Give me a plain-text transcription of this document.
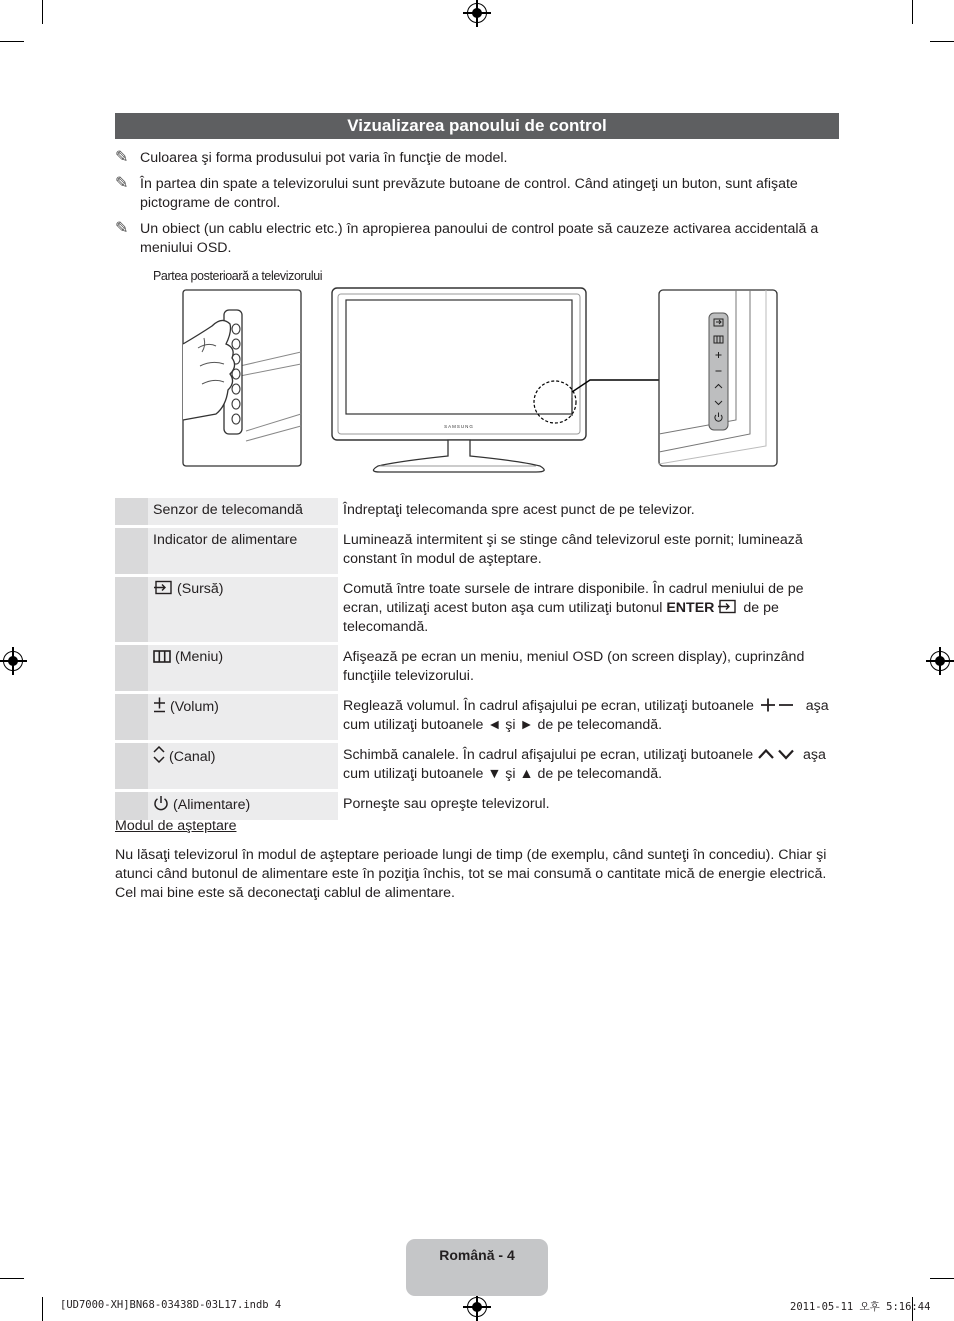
Vizualizarea panoului de control
✎ Culoarea şi forma produsului pot varia în funcţie de model.
✎ În partea din spate a televizorului sunt prevăzute butoane de control. Când atingeţi un buton, sunt afişate pictograme de control.
✎ Un obiect (un cablu electric etc.) în apropierea panoului de control poate să cauzeze activarea accidentală a meniului OSD.
Partea posterioară a televizorului
SAMSUNG
	Senzor de telecomandă	Îndreptaţi telecomanda spre acest punct de pe televizor.
	Indicator de alimentare	Luminează intermitent şi se stinge când televizorul este pornit; luminează constant în modul de aşteptare.
	(Sursă)	Comută între toate sursele de intrare disponibile. În cadrul meniului de pe ecran, utilizaţi acest buton aşa cum utilizaţi butonul ENTER de pe telecomandă.
	(Meniu)	Afişează pe ecran un meniu, meniul OSD (on screen display), cuprinzând funcţiile televizorului.
	(Volum)	Reglează volumul. În cadrul afişajului pe ecran, utilizaţi butoanele aşa cum utilizaţi butoanele ◄ şi ► de pe telecomandă.
	(Canal)	Schimbă canalele. În cadrul afişajului pe ecran, utilizaţi butoanele aşa cum utilizaţi butoanele ▼ şi ▲ de pe telecomandă.
	(Alimentare)	Porneşte sau opreşte televizorul.
Modul de aşteptare
Nu lăsaţi televizorul în modul de aşteptare perioade lungi de timp (de exemplu, când sunteţi în concediu). Chiar şi atunci când butonul de alimentare este în poziţia închis, tot se mai consumă o cantitate mică de energie electrică. Cel mai bine este să deconectaţi cablul de alimentare.
Română - 4
[UD7000-XH]BN68-03438D-03L17.indb 4	2011-05-11 오후 5:16:44
